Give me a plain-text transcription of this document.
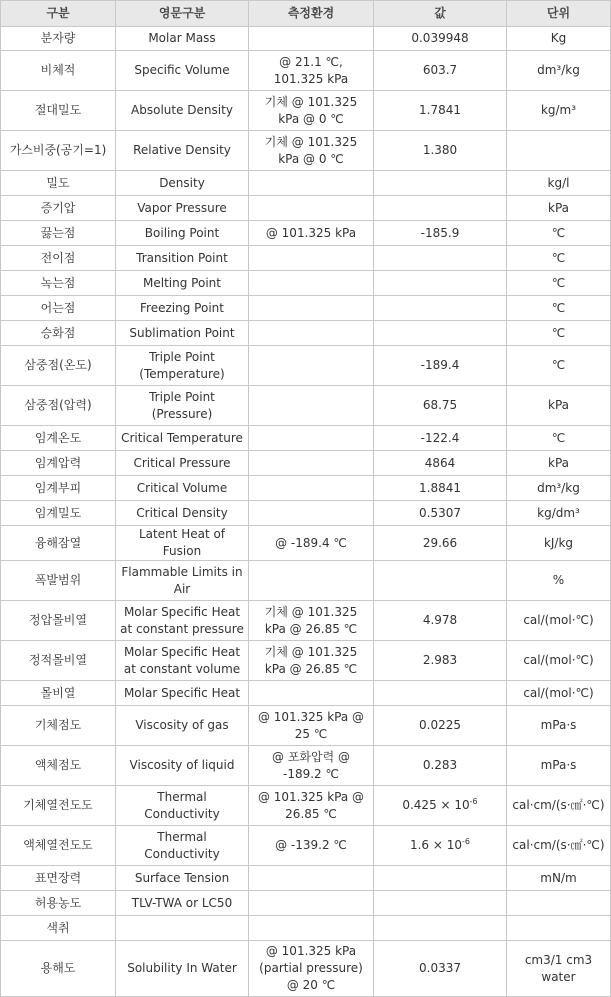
구분	영문구분	측정환경	값	단위
분자량	Molar Mass		0.039948	Kg
비체적	Specific Volume	@ 21.1 ℃, 101.325 kPa	603.7	dm³/kg
절대밀도	Absolute Density	기체 @ 101.325 kPa @ 0 ℃	1.7841	kg/m³
가스비중(공기=1)	Relative Density	기체 @ 101.325 kPa @ 0 ℃	1.380	
밀도	Density			kg/l
증기압	Vapor Pressure			kPa
끓는점	Boiling Point	@ 101.325 kPa	-185.9	℃
전이점	Transition Point			℃
녹는점	Melting Point			℃
어는점	Freezing Point			℃
승화점	Sublimation Point			℃
삼중점(온도)	Triple Point (Temperature)		-189.4	℃
삼중점(압력)	Triple Point (Pressure)		68.75	kPa
임계온도	Critical Temperature		-122.4	℃
임계압력	Critical Pressure		4864	kPa
임계부피	Critical Volume		1.8841	dm³/kg
임계밀도	Critical Density		0.5307	kg/dm³
융해잠열	Latent Heat of Fusion	@ -189.4 ℃	29.66	kJ/kg
폭발범위	Flammable Limits in Air			%
정압몰비열	Molar Specific Heat at constant pressure	기체 @ 101.325 kPa @ 26.85 ℃	4.978	cal/(mol·℃)
정적몰비열	Molar Specific Heat at constant volume	기체 @ 101.325 kPa @ 26.85 ℃	2.983	cal/(mol·℃)
몰비열	Molar Specific Heat			cal/(mol·℃)
기체점도	Viscosity of gas	@ 101.325 kPa @ 25 ℃	0.0225	mPa·s
액체점도	Viscosity of liquid	@ 포화압력 @ -189.2 ℃	0.283	mPa·s
기체열전도도	Thermal Conductivity	@ 101.325 kPa @ 26.85 ℃	$0.425 \times 10^{-6}$	cal·cm/(s·㎠·℃)
액체열전도도	Thermal Conductivity	@ -139.2 ℃	$1.6 \times 10^{-6}$	cal·cm/(s·㎠·℃)
표면장력	Surface Tension			mN/m
허용농도	TLV-TWA or LC50			
색취				
용해도	Solubility In Water	@ 101.325 kPa (partial pressure) @ 20 ℃	0.0337	cm3/1 cm3 water
